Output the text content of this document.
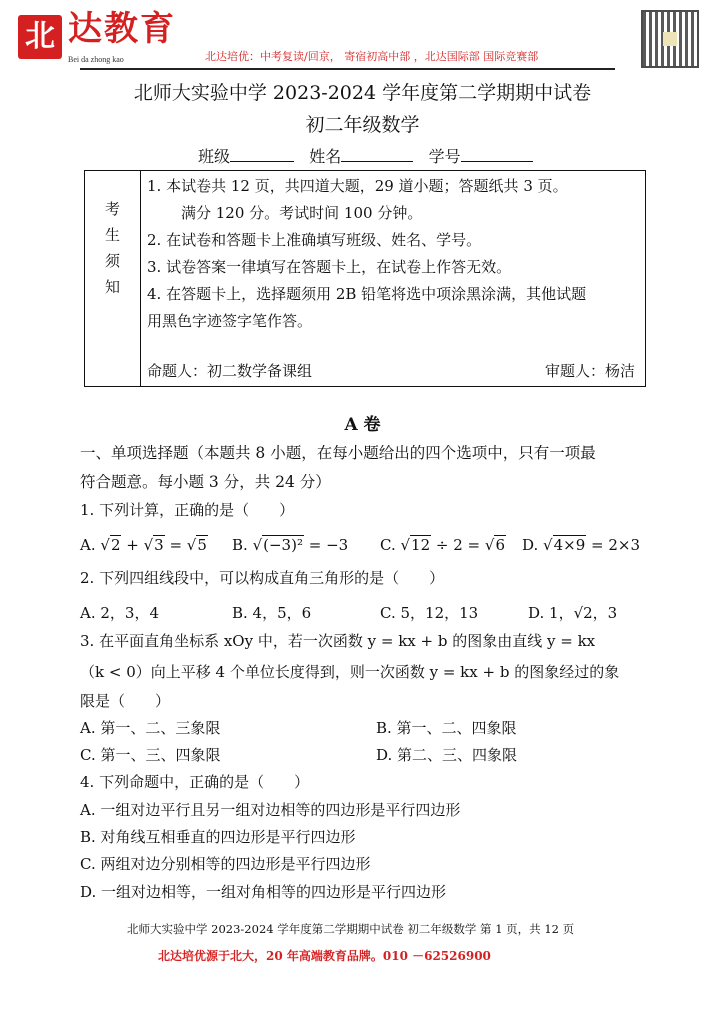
北 达教育
Bei da zhong kao	北达培优：中考复读/回京， 寄宿初高中部 ，北达国际部 国际竞赛部
北师大实验中学 2023-2024 学年度第二学期期中试卷
初二年级数学
班级	姓名	学号
考
生
须
知
1. 本试卷共 12 页，共四道大题，29 道小题；答题纸共 3 页。
满分 120 分。考试时间 100 分钟。
2. 在试卷和答题卡上准确填写班级、姓名、学号。
3. 试卷答案一律填写在答题卡上，在试卷上作答无效。
4. 在答题卡上，选择题须用 2B 铅笔将选中项涂黑涂满，其他试题
用黑色字迹签字笔作答。
命题人：初二数学备课组	审题人：杨洁
A 卷
一、单项选择题（本题共 8 小题，在每小题给出的四个选项中，只有一项最
符合题意。每小题 3 分，共 24 分）
1. 下列计算，正确的是（　　）
A. √2 + √3 = √5 B. √(−3)² = −3 C. √12 ÷ 2 = √6 D. √4×9 = 2×3
2. 下列四组线段中，可以构成直角三角形的是（　　）
A. 2，3，4	B. 4，5，6	C. 5，12，13	D. 1，√2，3
3. 在平面直角坐标系 xOy 中，若一次函数 y = kx + b 的图象由直线 y = kx
（k < 0）向上平移 4 个单位长度得到，则一次函数 y = kx + b 的图象经过的象
限是（　　）
A. 第一、二、三象限	B. 第一、二、四象限
C. 第一、三、四象限	D. 第二、三、四象限
4. 下列命题中，正确的是（　　）
A. 一组对边平行且另一组对边相等的四边形是平行四边形
B. 对角线互相垂直的四边形是平行四边形
C. 两组对边分别相等的四边形是平行四边形
D. 一组对边相等，一组对角相等的四边形是平行四边形
北师大实验中学 2023-2024 学年度第二学期期中试卷 初二年级数学 第 1 页，共 12 页
北达培优源于北大，20 年高端教育品牌。010 －62526900
